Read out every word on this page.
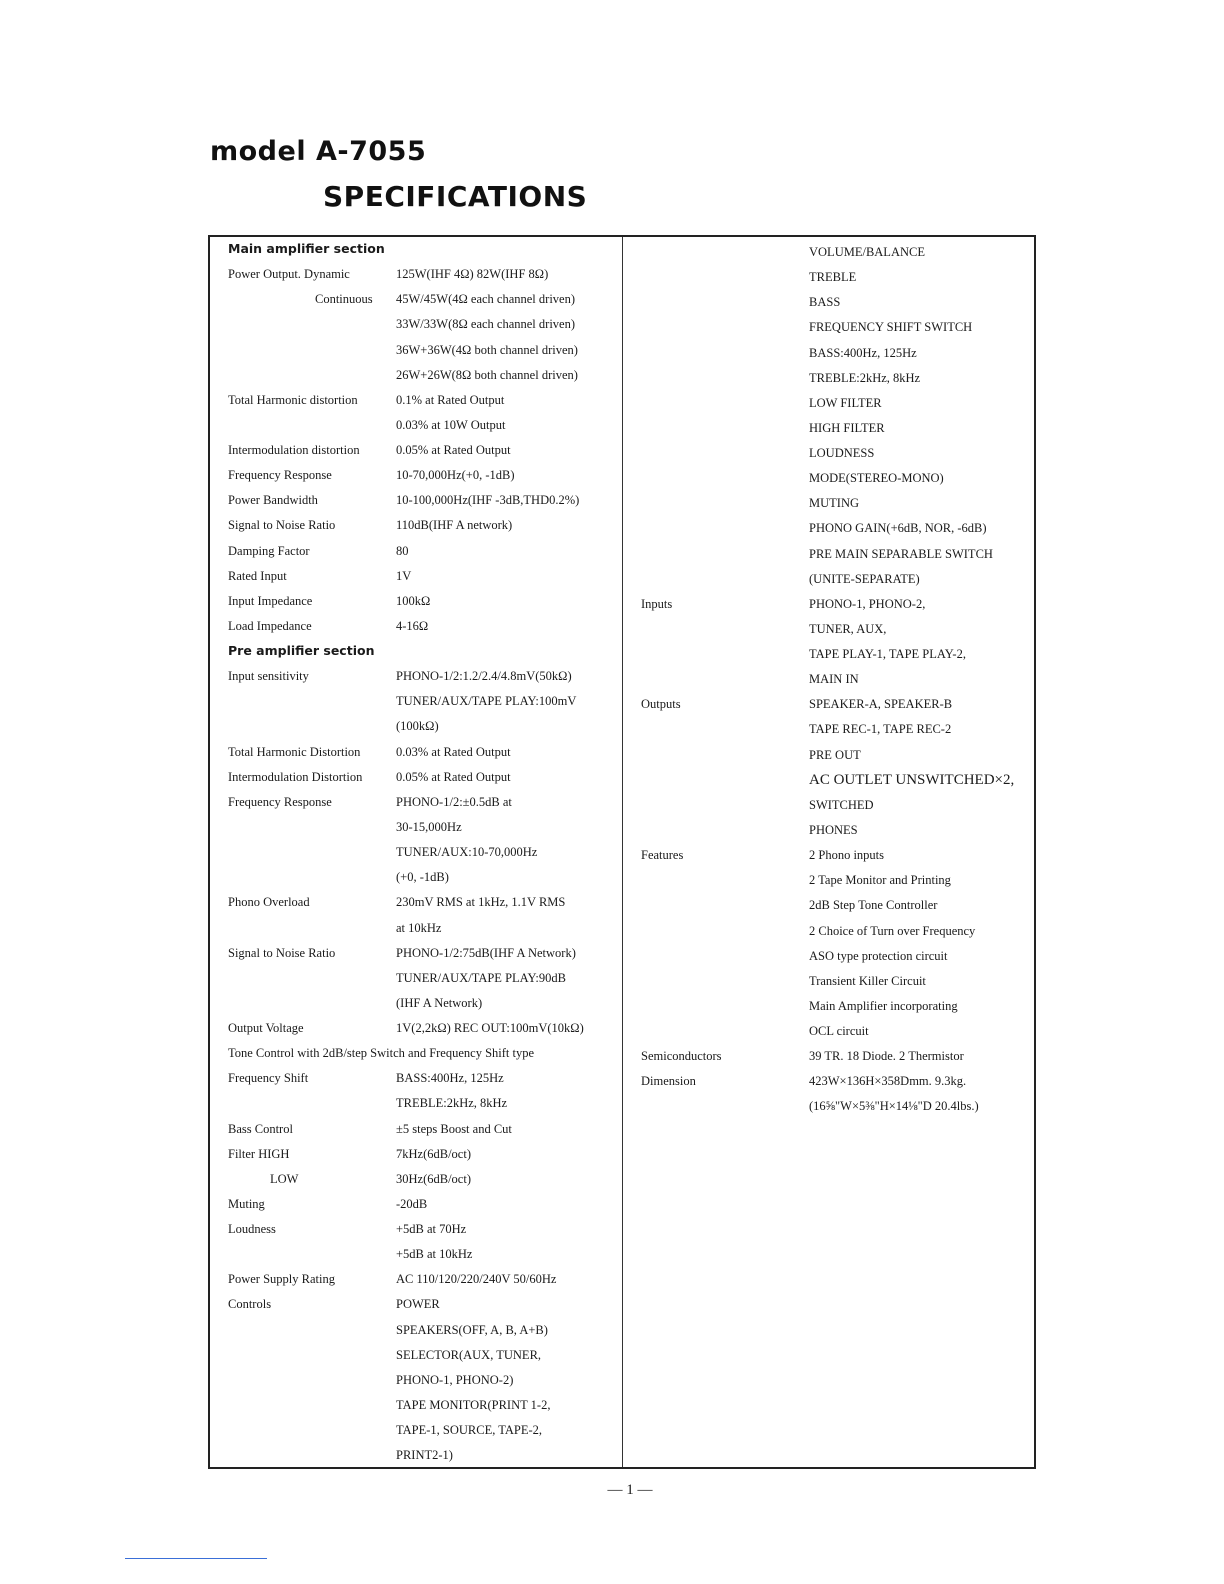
model A-7055
SPECIFICATIONS
Main amplifier section
Power Output. Dynamic	125W(IHF 4Ω) 82W(IHF 8Ω)
Continuous 45W/45W(4Ω each channel driven)
33W/33W(8Ω each channel driven)
36W+36W(4Ω both channel driven)
26W+26W(8Ω both channel driven)
Total Harmonic distortion	0.1% at Rated Output
0.03% at 10W Output
Intermodulation distortion	0.05% at Rated Output
Frequency Response	10-70,000Hz(+0, -1dB)
Power Bandwidth	10-100,000Hz(IHF -3dB,THD0.2%)
Signal to Noise Ratio	110dB(IHF A network)
Damping Factor	80
Rated Input	1V
Input Impedance	100kΩ
Load Impedance	4-16Ω
Pre amplifier section
Input sensitivity	PHONO-1/2:1.2/2.4/4.8mV(50kΩ)
TUNER/AUX/TAPE PLAY:100mV
(100kΩ)
Total Harmonic Distortion	0.03% at Rated Output
Intermodulation Distortion	0.05% at Rated Output
Frequency Response	PHONO-1/2:±0.5dB at
30-15,000Hz
TUNER/AUX:10-70,000Hz
(+0, -1dB)
Phono Overload	230mV RMS at 1kHz, 1.1V RMS
at 10kHz
Signal to Noise Ratio	PHONO-1/2:75dB(IHF A Network)
TUNER/AUX/TAPE PLAY:90dB
(IHF A Network)
Output Voltage	1V(2,2kΩ) REC OUT:100mV(10kΩ)
Tone Control with 2dB/step Switch and Frequency Shift type
Frequency Shift	BASS:400Hz, 125Hz
TREBLE:2kHz, 8kHz
Bass Control	±5 steps Boost and Cut
Filter HIGH	7kHz(6dB/oct)
LOW	30Hz(6dB/oct)
Muting	-20dB
Loudness	+5dB at 70Hz
+5dB at 10kHz
Power Supply Rating	AC 110/120/220/240V 50/60Hz
Controls	POWER
SPEAKERS(OFF, A, B, A+B)
SELECTOR(AUX, TUNER,
PHONO-1, PHONO-2)
TAPE MONITOR(PRINT 1-2,
TAPE-1, SOURCE, TAPE-2,
PRINT2-1)
VOLUME/BALANCE
TREBLE
BASS
FREQUENCY SHIFT SWITCH
BASS:400Hz, 125Hz
TREBLE:2kHz, 8kHz
LOW FILTER
HIGH FILTER
LOUDNESS
MODE(STEREO-MONO)
MUTING
PHONO GAIN(+6dB, NOR, -6dB)
PRE MAIN SEPARABLE SWITCH
(UNITE-SEPARATE)
Inputs	PHONO-1, PHONO-2,
TUNER, AUX,
TAPE PLAY-1, TAPE PLAY-2,
MAIN IN
Outputs	SPEAKER-A, SPEAKER-B
TAPE REC-1, TAPE REC-2
PRE OUT
AC OUTLET UNSWITCHED×2,
SWITCHED
PHONES
Features	2 Phono inputs
2 Tape Monitor and Printing
2dB Step Tone Controller
2 Choice of Turn over Frequency
ASO type protection circuit
Transient Killer Circuit
Main Amplifier incorporating
OCL circuit
Semiconductors	39 TR. 18 Diode. 2 Thermistor
Dimension	423W×136H×358Dmm. 9.3kg.
(16⅝"W×5⅜"H×14⅛"D 20.4lbs.)
— 1 —
